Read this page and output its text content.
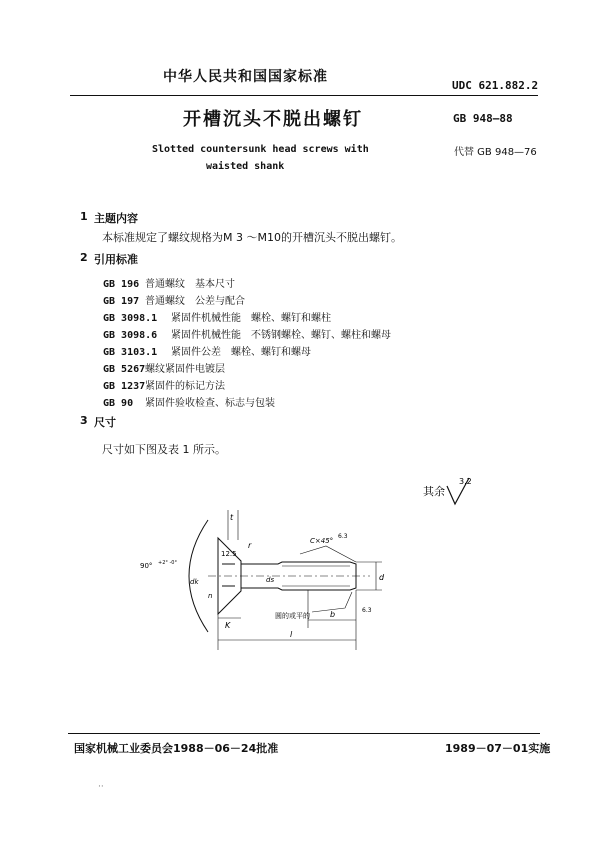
中华人民共和国国家标准
UDC 621.882.2
开槽沉头不脱出螺钉	GB 948—88
Slotted countersunk head screws with
waisted shank
代替 GB 948—76
1 主题内容
本标准规定了螺纹规格为M 3 ～M10的开槽沉头不脱出螺钉。
2 引用标准
GB 196 普通螺纹　基本尺寸
GB 197 普通螺纹　公差与配合
GB 3098.1 紧固件机械性能　螺栓、螺钉和螺柱
GB 3098.6 紧固件机械性能　不锈钢螺栓、螺钉、螺柱和螺母
GB 3103.1 紧固件公差　螺栓、螺钉和螺母
GB 5267螺纹紧固件电镀层
GB 1237紧固件的标记方法
GB 90 紧固件验收检查、标志与包装
3 尺寸
尺寸如下图及表 1 所示。
其余
3.2
90° +2° -0°
t
r
12.5
n
dk	ds	d
C×45°
6.3
6.3
圆的或平的
K
l
b
国家机械工业委员会1988－06－24批准	1989－07－01实施
··
